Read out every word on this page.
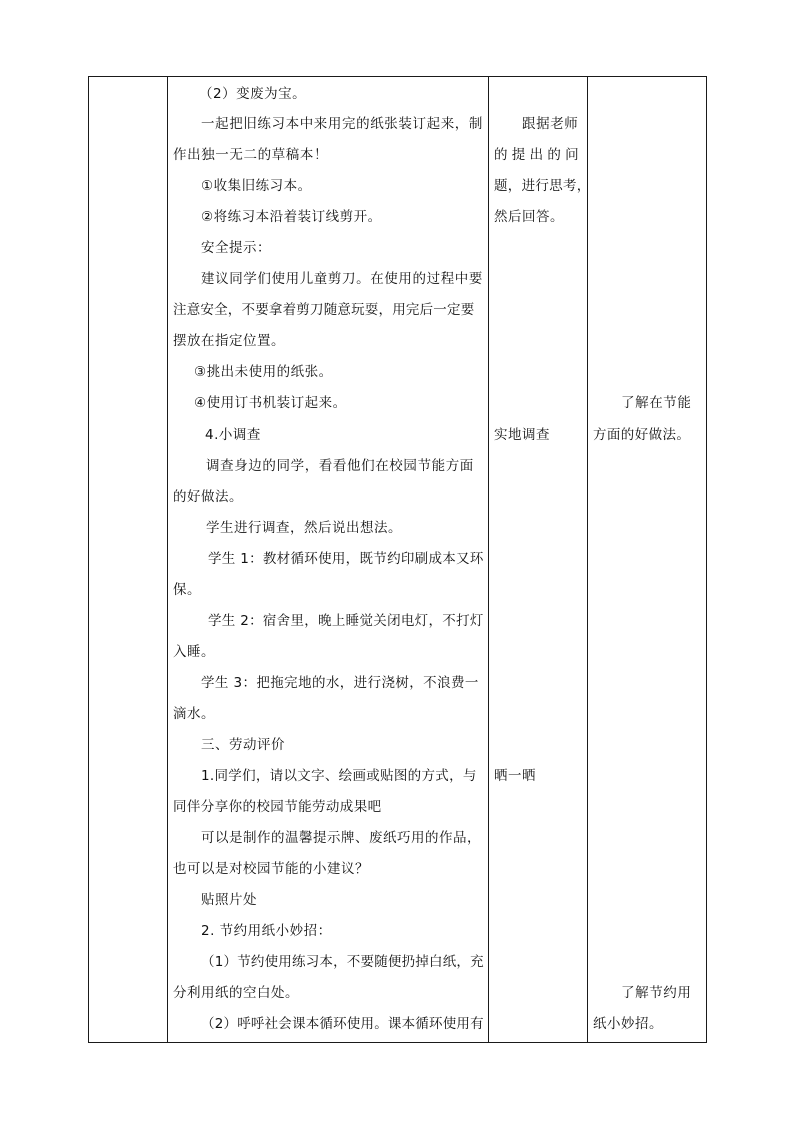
（2）变废为宝。
一起把旧练习本中来用完的纸张装订起来，制
作出独一无二的草稿本！
①收集旧练习本。
②将练习本沿着装订线剪开。
安全提示：
建议同学们使用儿童剪刀。在使用的过程中要
注意安全，不要拿着剪刀随意玩耍，用完后一定要
摆放在指定位置。
③挑出未使用的纸张。
④使用订书机装订起来。
4.小调查
调查身边的同学，看看他们在校园节能方面
的好做法。
学生进行调查，然后说出想法。
学生 1：教材循环使用，既节约印刷成本又环
保。
学生 2：宿舍里，晚上睡觉关闭电灯，不打灯
入睡。
学生 3：把拖完地的水，进行浇树，不浪费一
滴水。
三、劳动评价
1.同学们，请以文字、绘画或贴图的方式，与
同伴分享你的校园节能劳动成果吧
可以是制作的温馨提示牌、废纸巧用的作品，
也可以是对校园节能的小建议？
贴照片处
2. 节约用纸小妙招：
（1）节约使用练习本，不要随便扔掉白纸，充
分利用纸的空白处。
（2）呼呼社会课本循环使用。课本循环使用有
跟据老师
的 提 出 的 问
题，进行思考，
然后回答。
实地调查
晒一晒
了解在节能
方面的好做法。
了解节约用
纸小妙招。
